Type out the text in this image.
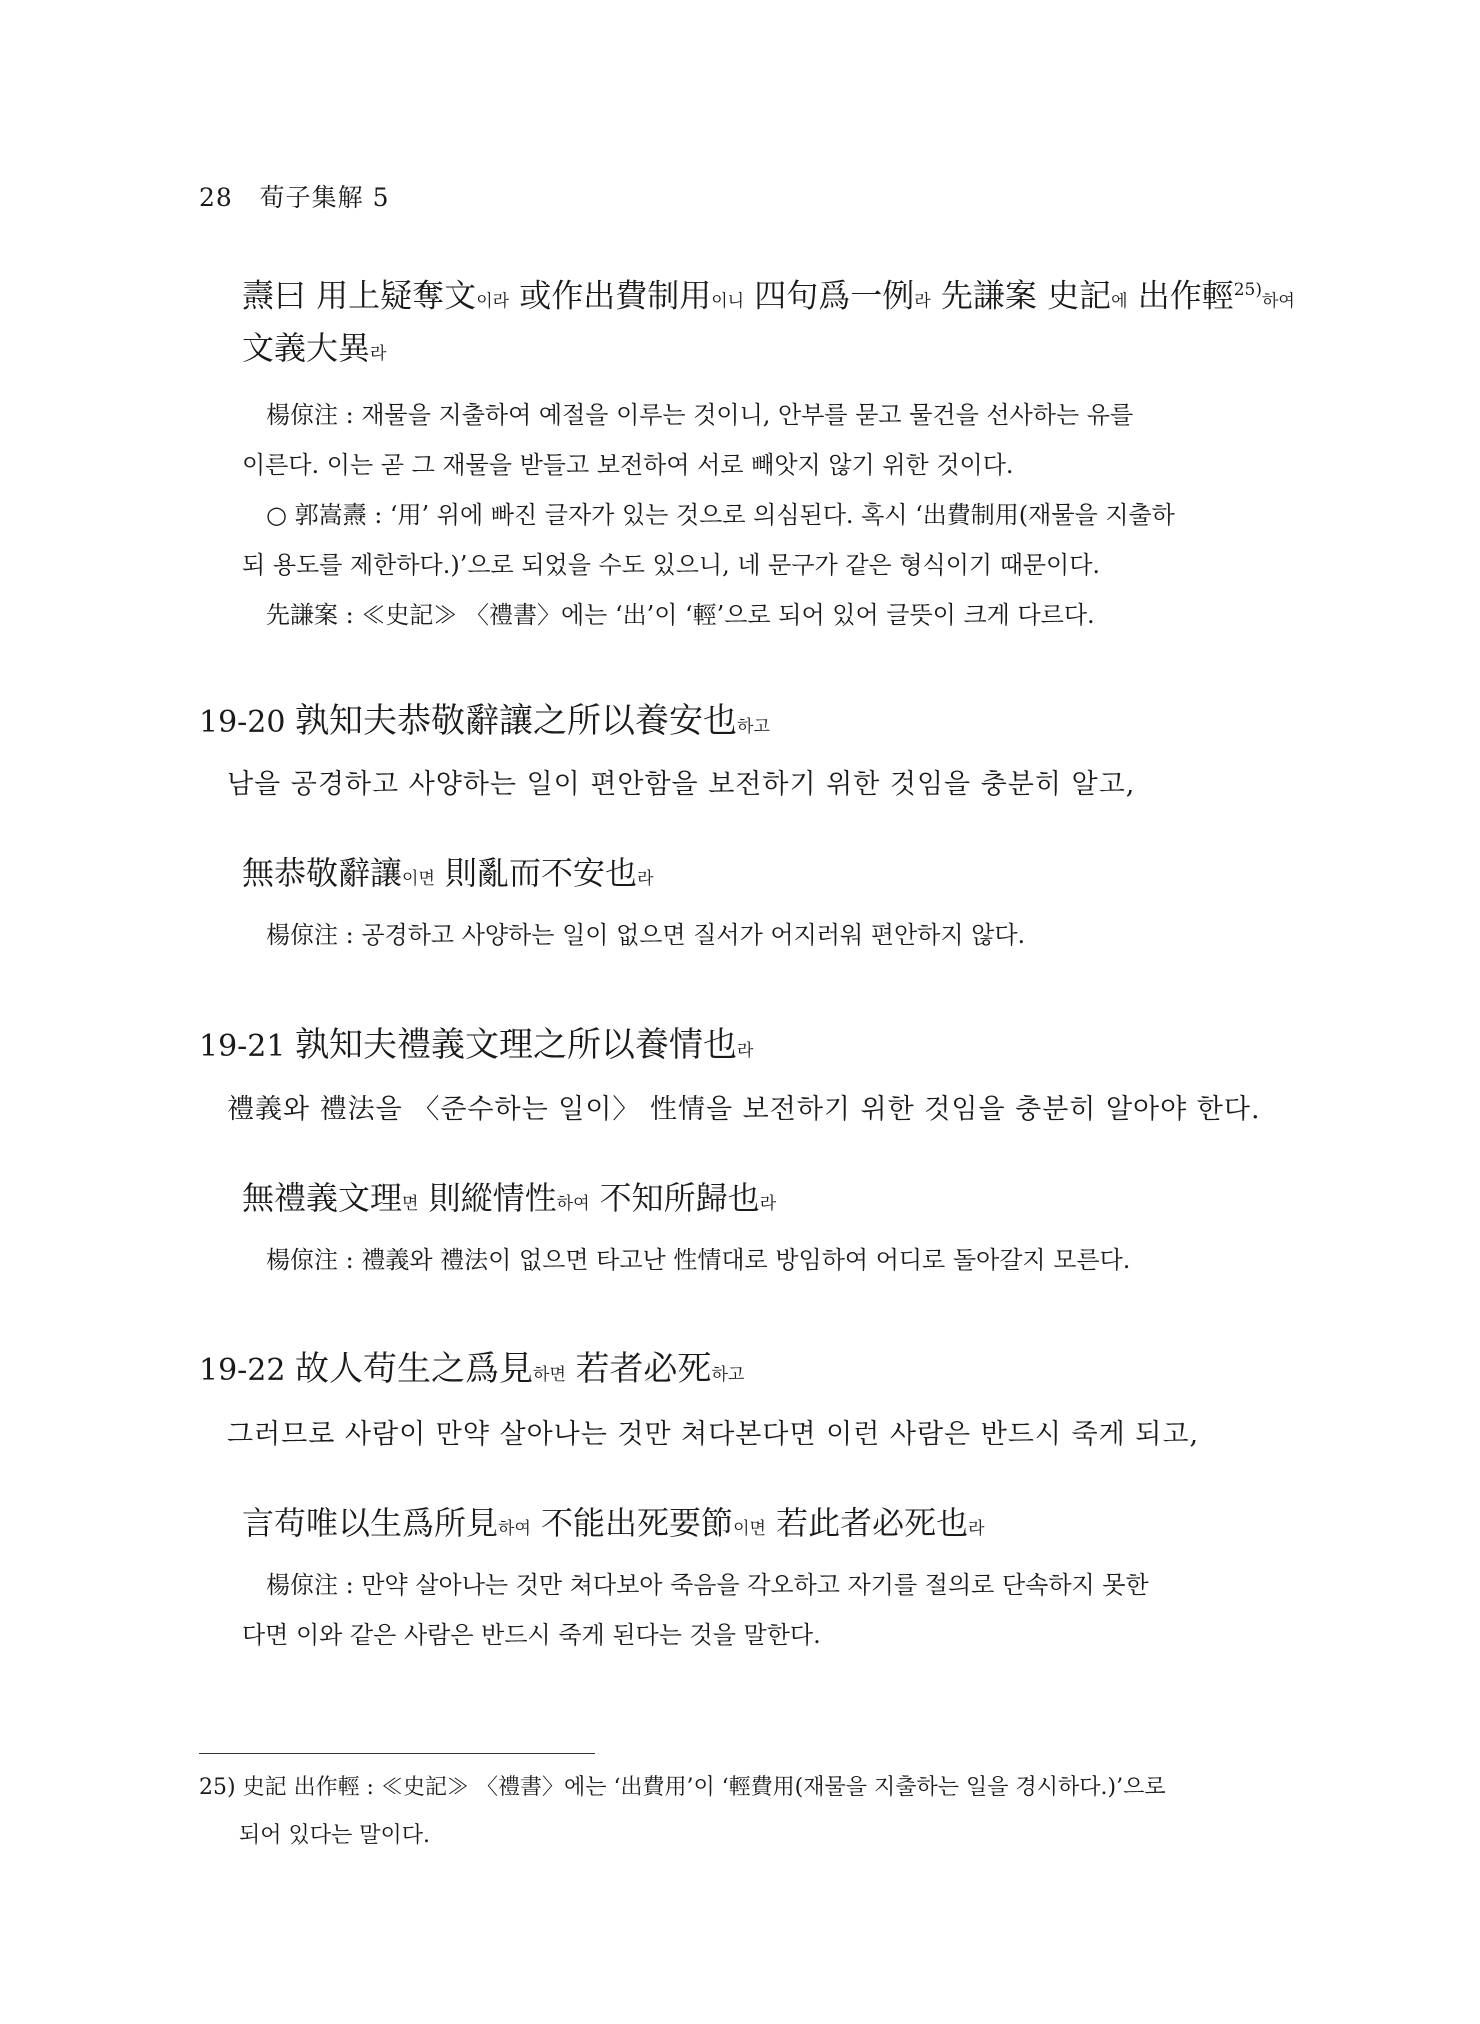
28 荀子集解 5
燾曰 用上疑奪文이라 或作出費制用이니 四句爲一例라 先謙案 史記에 出作輕$^{25)}$하여
文義大異라

楊倞注 : 재물을 지출하여 예절을 이루는 것이니, 안부를 묻고 물건을 선사하는 유를

이른다. 이는 곧 그 재물을 받들고 보전하여 서로 빼앗지 않기 위한 것이다.

○ 郭嵩燾 : ‘用’ 위에 빠진 글자가 있는 것으로 의심된다. 혹시 ‘出費制用(재물을 지출하

되 용도를 제한하다.)’으로 되었을 수도 있으니, 네 문구가 같은 형식이기 때문이다.

先謙案 : ≪史記≫ 〈禮書〉에는 ‘出’이 ‘輕’으로 되어 있어 글뜻이 크게 다르다.

19-20 孰知夫恭敬辭讓之所以養安也하고
남을 공경하고 사양하는 일이 편안함을 보전하기 위한 것임을 충분히 알고,
無恭敬辭讓이면 則亂而不安也라

楊倞注 : 공경하고 사양하는 일이 없으면 질서가 어지러워 편안하지 않다.

19-21 孰知夫禮義文理之所以養情也라
禮義와 禮法을 〈준수하는 일이〉 性情을 보전하기 위한 것임을 충분히 알아야 한다.
無禮義文理면 則縱情性하여 不知所歸也라

楊倞注 : 禮義와 禮法이 없으면 타고난 性情대로 방임하여 어디로 돌아갈지 모른다.

19-22 故人苟生之爲見하면 若者必死하고
그러므로 사람이 만약 살아나는 것만 쳐다본다면 이런 사람은 반드시 죽게 되고,
言苟唯以生爲所見하여 不能出死要節이면 若此者必死也라

楊倞注 : 만약 살아나는 것만 쳐다보아 죽음을 각오하고 자기를 절의로 단속하지 못한

다면 이와 같은 사람은 반드시 죽게 된다는 것을 말한다.

25) 史記 出作輕 : ≪史記≫ 〈禮書〉에는 ‘出費用’이 ‘輕費用(재물을 지출하는 일을 경시하다.)’으로

되어 있다는 말이다.
